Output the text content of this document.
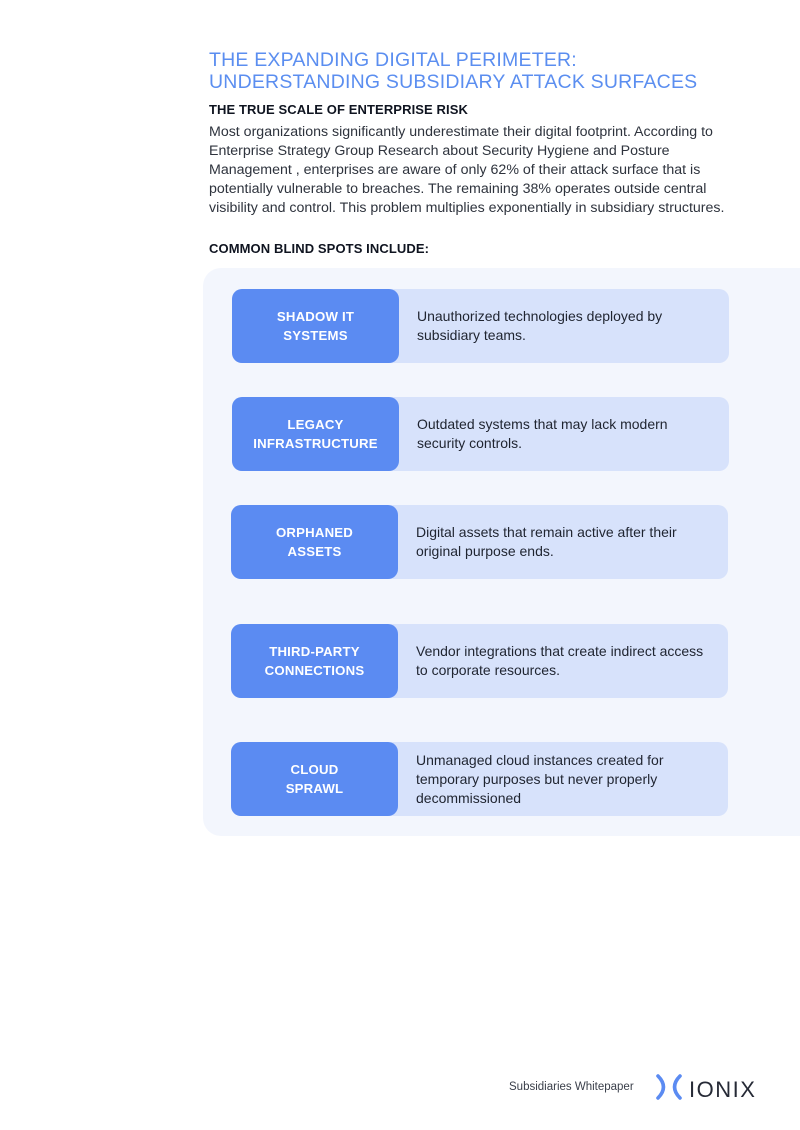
THE EXPANDING DIGITAL PERIMETER:
UNDERSTANDING SUBSIDIARY ATTACK SURFACES
THE TRUE SCALE OF ENTERPRISE RISK

Most organizations significantly underestimate their digital footprint. According to Enterprise Strategy Group Research about Security Hygiene and Posture Management , enterprises are aware of only 62% of their attack surface that is potentially vulnerable to breaches. The remaining 38% operates outside central visibility and control. This problem multiplies exponentially in subsidiary structures.

COMMON BLIND SPOTS INCLUDE:
SHADOW IT
SYSTEMS
Unauthorized technologies deployed by subsidiary teams.
LEGACY
INFRASTRUCTURE
Outdated systems that may lack modern security controls.
ORPHANED
ASSETS
Digital assets that remain active after their original purpose ends.
THIRD-PARTY
CONNECTIONS
Vendor integrations that create indirect access to corporate resources.
CLOUD
SPRAWL
Unmanaged cloud instances created for temporary purposes but never properly decommissioned
Subsidiaries Whitepaper	IONIX
